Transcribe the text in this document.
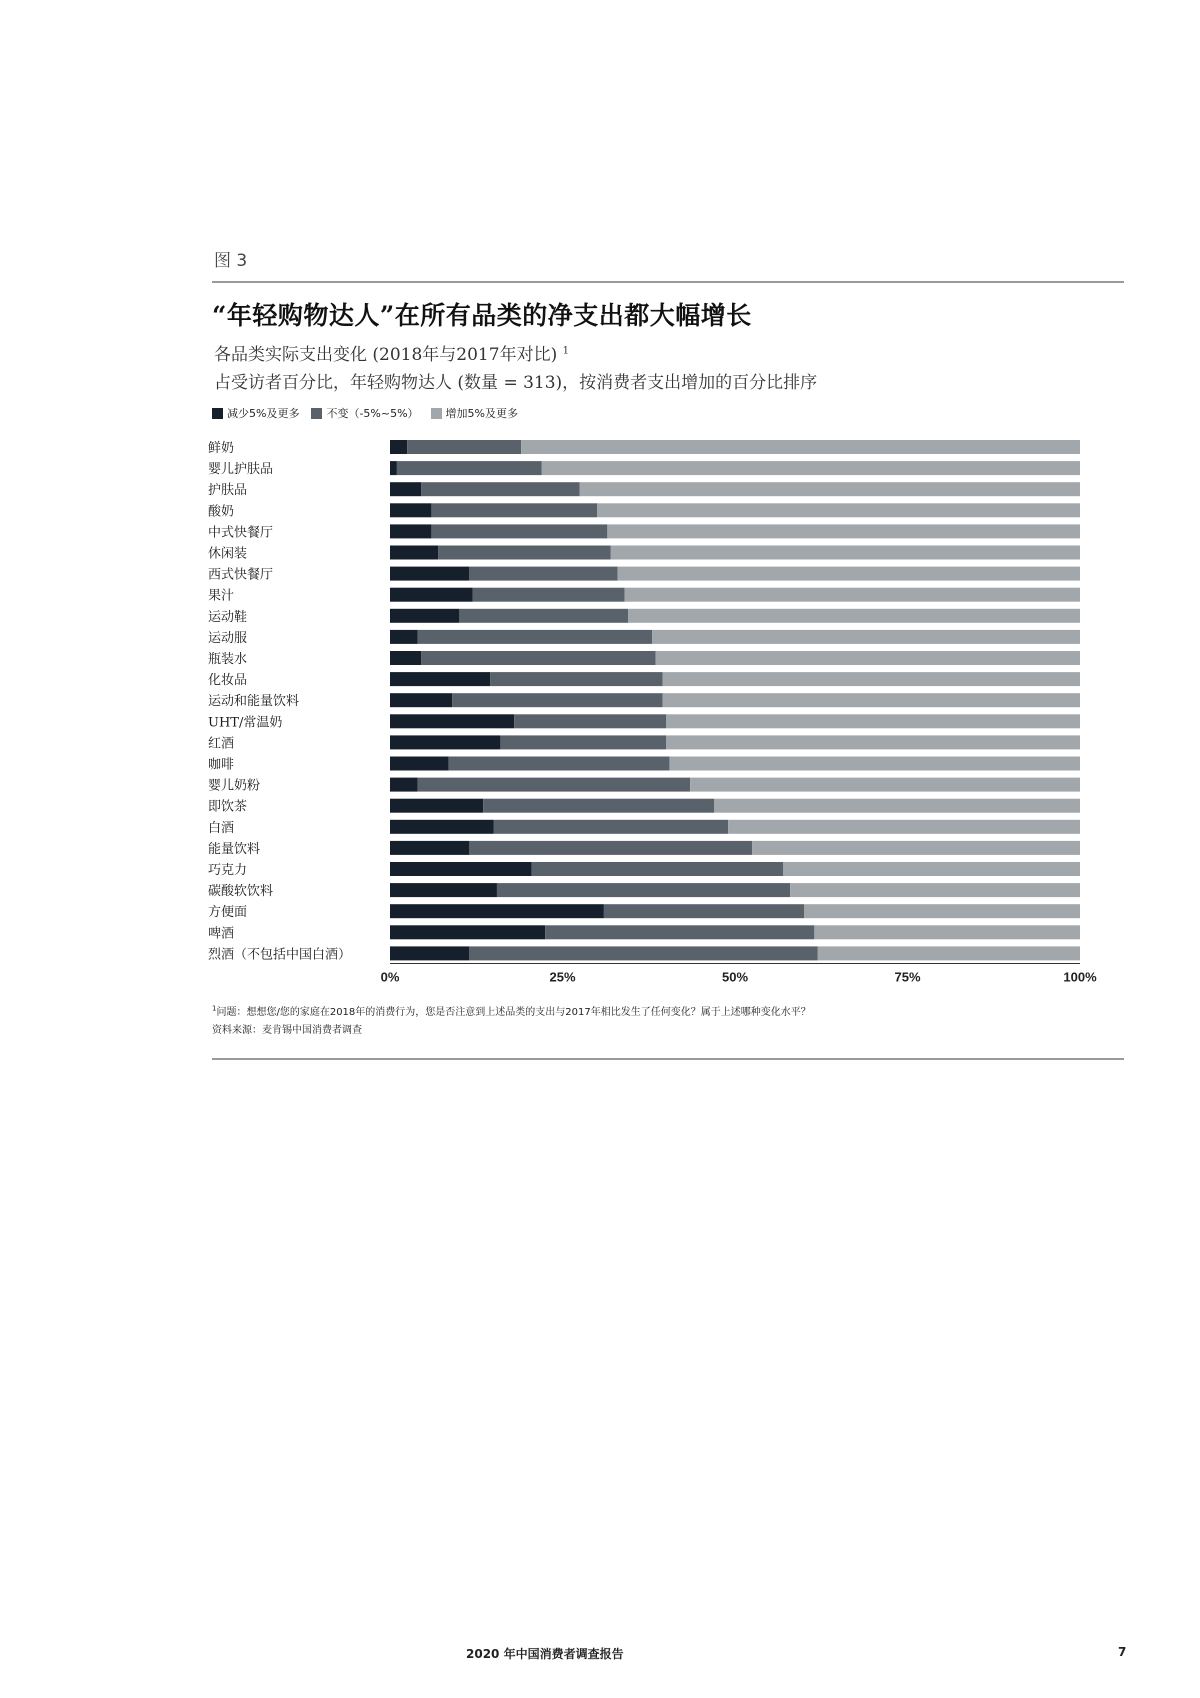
图 3
“年轻购物达人”在所有品类的净支出都大幅增长
各品类实际支出变化 (2018年与2017年对比) $^1$
占受访者百分比，年轻购物达人 (数量 = 313)，按消费者支出增加的百分比排序
减少5%及更多 不变（-5%~5%） 增加5%及更多
鲜奶
婴儿护肤品
护肤品
酸奶
中式快餐厅
休闲装
西式快餐厅
果汁
运动鞋
运动服
瓶装水
化妆品
运动和能量饮料
UHT/常温奶
红酒
咖啡
婴儿奶粉
即饮茶
白酒
能量饮料
巧克力
碳酸软饮料
方便面
啤酒
烈酒（不包括中国白酒）
0%	25%	50%	75%	100%
$^1$问题：想想您/您的家庭在2018年的消费行为，您是否注意到上述品类的支出与2017年相比发生了任何变化？属于上述哪种变化水平？
资料来源：麦肯锡中国消费者调查
2020 年中国消费者调查报告	7
